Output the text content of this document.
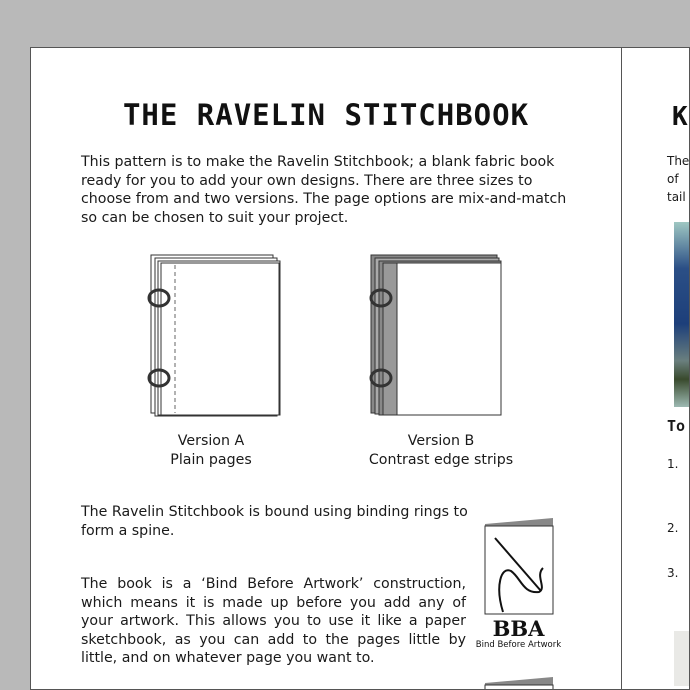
THE RAVELIN STITCHBOOK
This pattern is to make the Ravelin Stitchbook; a blank fabric book ready for you to add your own designs. There are three sizes to choose from and two versions. The page options are mix-and-match so can be chosen to suit your project.
Version A
Plain pages
Version B
Contrast edge strips
The Ravelin Stitchbook is bound using binding rings to form a spine.
The book is a ‘Bind Before Artwork’ construction, which means it is made up before you add any of your artwork. This allows you to use it like a paper sketchbook, as you can add to the pages little by little, and on whatever page you want to.
BBA
Bind Before Artwork
K
The
of
tail
To
1.
2.
3.
